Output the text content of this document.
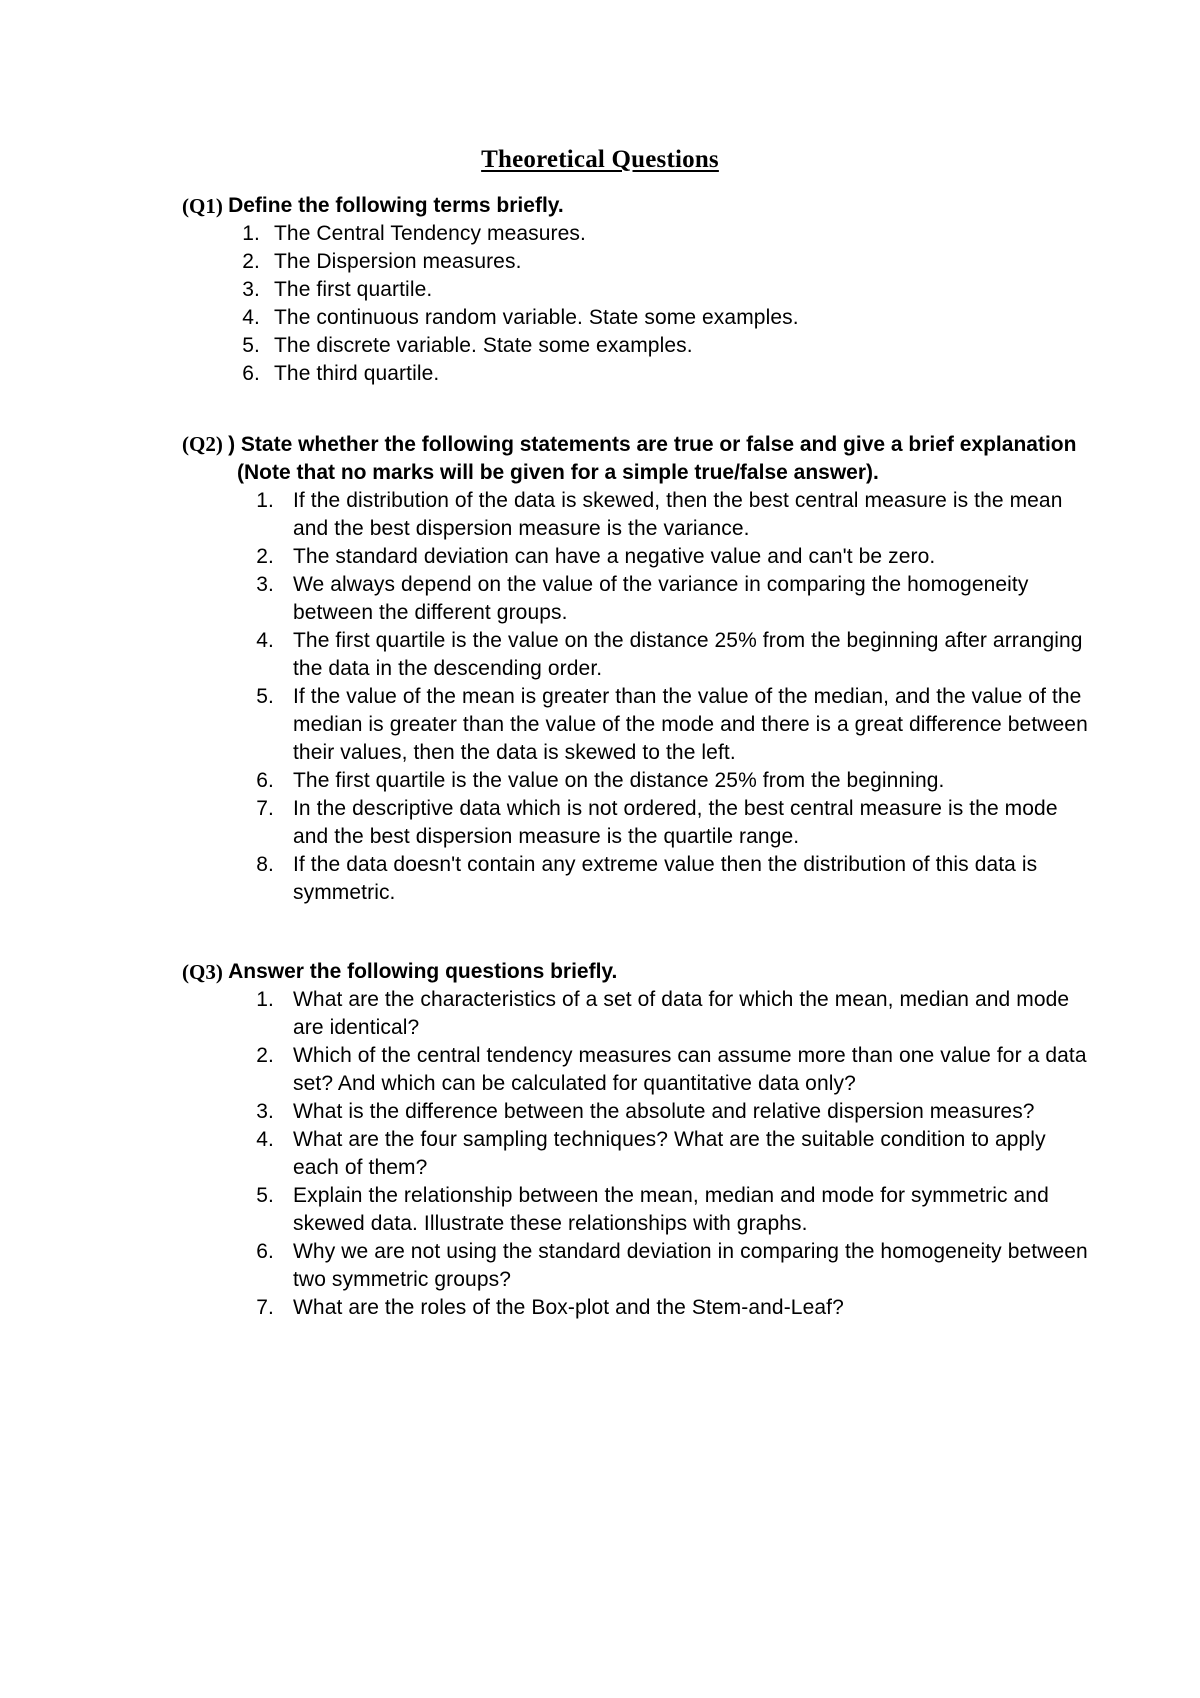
Theoretical Questions
(Q1) Define the following terms briefly.
1. The Central Tendency measures.
2. The Dispersion measures.
3. The first quartile.
4. The continuous random variable. State some examples.
5. The discrete variable. State some examples.
6. The third quartile.
(Q2) ) State whether the following statements are true or false and give a brief explanation (Note that no marks will be given for a simple true/false answer).
1. If the distribution of the data is skewed, then the best central measure is the mean and the best dispersion measure is the variance.
2. The standard deviation can have a negative value and can't be zero.
3. We always depend on the value of the variance in comparing the homogeneity between the different groups.
4. The first quartile is the value on the distance 25% from the beginning after arranging the data in the descending order.
5. If the value of the mean is greater than the value of the median, and the value of the median is greater than the value of the mode and there is a great difference between their values, then the data is skewed to the left.
6. The first quartile is the value on the distance 25% from the beginning.
7. In the descriptive data which is not ordered, the best central measure is the mode and the best dispersion measure is the quartile range.
8. If the data doesn't contain any extreme value then the distribution of this data is symmetric.
(Q3) Answer the following questions briefly.
1. What are the characteristics of a set of data for which the mean, median and mode are identical?
2. Which of the central tendency measures can assume more than one value for a data set? And which can be calculated for quantitative data only?
3. What is the difference between the absolute and relative dispersion measures?
4. What are the four sampling techniques? What are the suitable condition to apply each of them?
5. Explain the relationship between the mean, median and mode for symmetric and skewed data. Illustrate these relationships with graphs.
6. Why we are not using the standard deviation in comparing the homogeneity between two symmetric groups?
7. What are the roles of the Box-plot and the Stem-and-Leaf?
